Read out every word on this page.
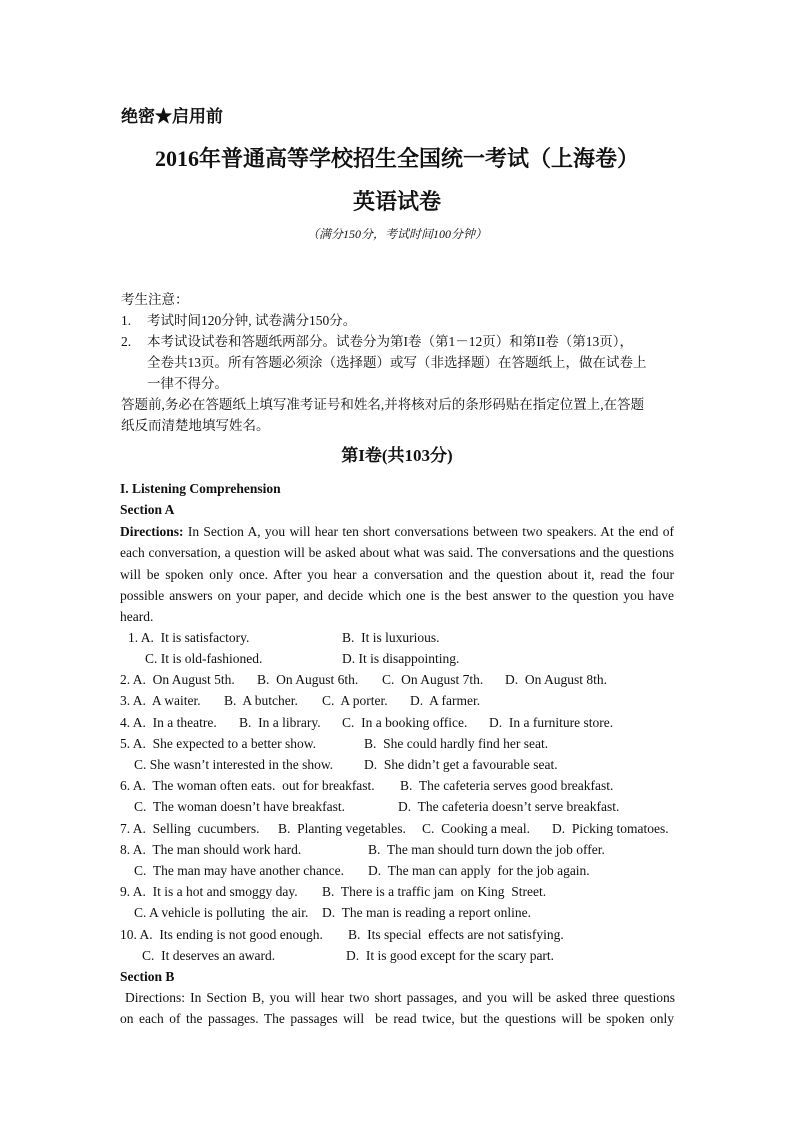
绝密★启用前
2016年普通高等学校招生全国统一考试（上海卷）
英语试卷
（满分150分，考试时间100分钟）
考生注意：
1. 考试时间120分钟, 试卷满分150分。
2. 本考试设试卷和答题纸两部分。试卷分为第I卷（第1－12页）和第II卷（第13页），
全卷共13页。所有答题必须涂（选择题）或写（非选择题）在答题纸上，做在试卷上
一律不得分。
答题前,务必在答题纸上填写准考证号和姓名,并将核对后的条形码贴在指定位置上,在答题
纸反而清楚地填写姓名。
第I卷(共103分)
I. Listening Comprehension
Section A
Directions: In Section A, you will hear ten short conversations between two speakers. At the end of each conversation, a question will be asked about what was said. The conversations and the questions will be spoken only once. After you hear a conversation and the question about it, read the four possible answers on your paper, and decide which one is the best answer to the question you have heard.
1. A.  It is satisfactory.	B.  It is luxurious.
C. It is old-fashioned.	D. It is disappointing.
2. A.  On August 5th. B.  On August 6th. C.  On August 7th. D.  On August 8th.
3. A.  A waiter. B.  A butcher. C.  A porter. D.  A farmer.
4. A.  In a theatre. B.  In a library. C.  In a booking office. D.  In a furniture store.
5. A.  She expected to a better show.	B.  She could hardly find her seat.
C. She wasn’t interested in the show. D.  She didn’t get a favourable seat.
6. A.  The woman often eats.  out for breakfast. B.  The cafeteria serves good breakfast.
C.  The woman doesn’t have breakfast.	D.  The cafeteria doesn’t serve breakfast.
7. A.  Selling  cucumbers. B.  Planting vegetables. C.  Cooking a meal. D.  Picking tomatoes.
8. A.  The man should work hard.	B.  The man should turn down the job offer.
C.  The man may have another chance. D.  The man can apply  for the job again.
9. A.  It is a hot and smoggy day. B.  There is a traffic jam  on King  Street.
C. A vehicle is polluting  the air. D.  The man is reading a report online.
10. A.  Its ending is not good enough. B.  Its special  effects are not satisfying.
C.  It deserves an award.	D.  It is good except for the scary part.
Section B
Directions: In Section B, you will hear two short passages, and you will be asked three questions
on each of the passages. The passages will  be read twice, but the questions will be spoken only
